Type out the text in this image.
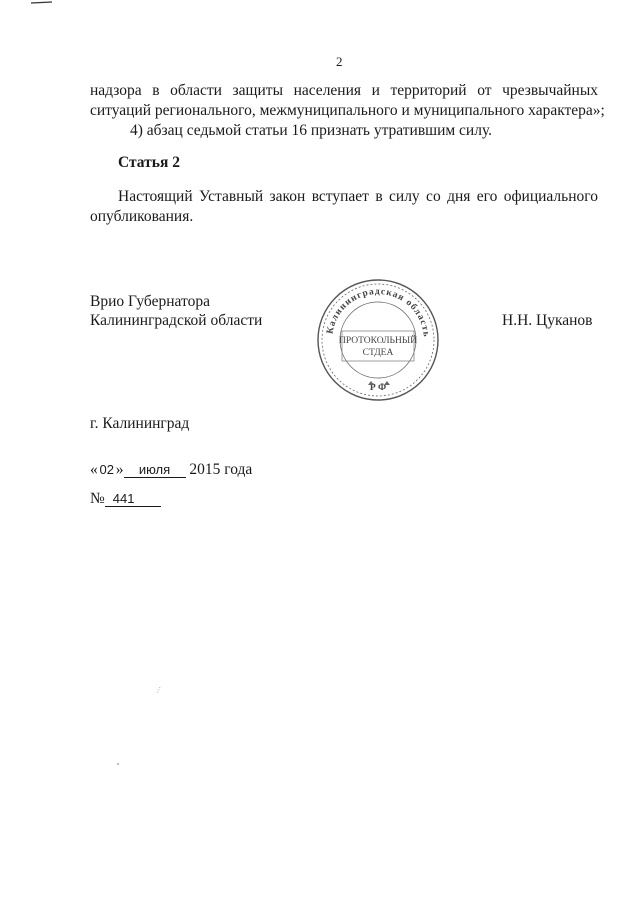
2
надзора в области защиты населения и территорий от чрезвычайных
ситуаций регионального, межмуниципального и муниципального характера»;
4) абзац седьмой статьи 16 признать утратившим силу.
Статья 2
Настоящий Уставный закон вступает в силу со дня его официального
опубликования.
Врио Губернатора
Калининградской области	Н.Н. Цуканов
Калининградская область
ПРОТОКОЛЬНЫЙ
СТДЕА
Р Ф
г. Калининград
« 02 » июля 2015 года
№ 441
